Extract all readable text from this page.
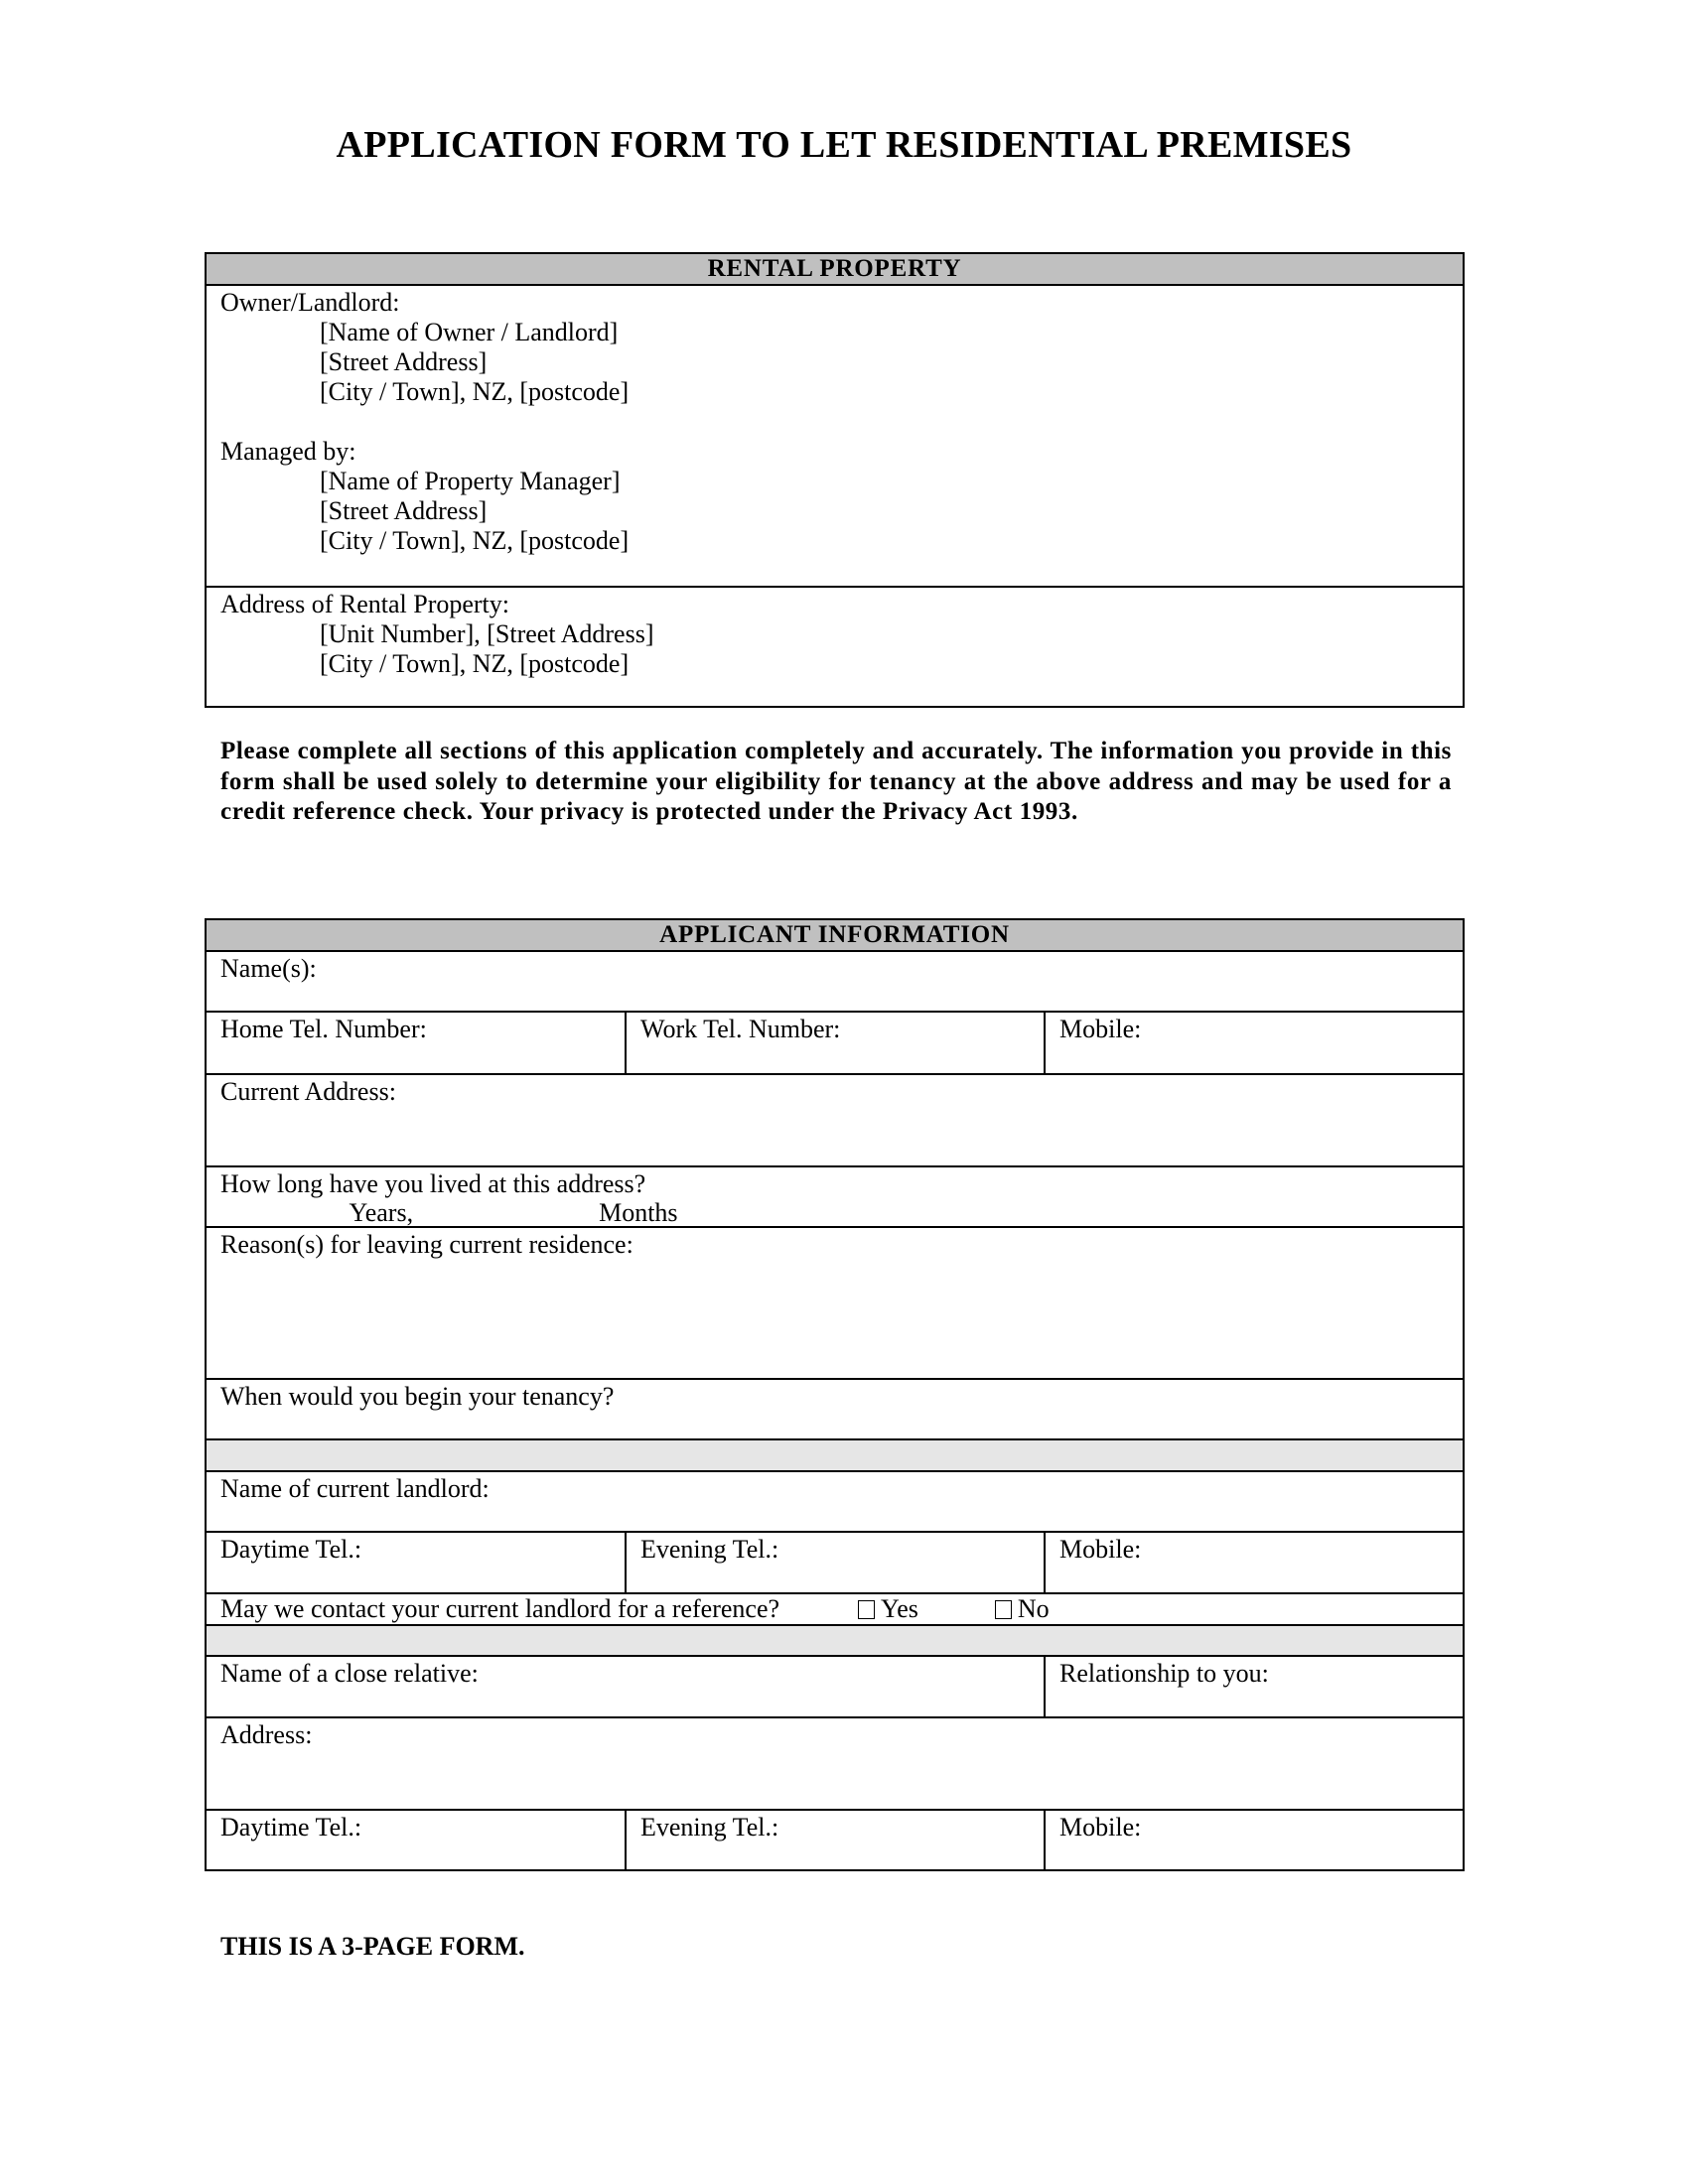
APPLICATION FORM TO LET RESIDENTIAL PREMISES
RENTAL PROPERTY
Owner/Landlord:
[Name of Owner / Landlord]
[Street Address]
[City / Town], NZ, [postcode]
Managed by:
[Name of Property Manager]
[Street Address]
[City / Town], NZ, [postcode]
Address of Rental Property:
[Unit Number], [Street Address]
[City / Town], NZ, [postcode]
Please complete all sections of this application completely and accurately. The information you provide in this form shall be used solely to determine your eligibility for tenancy at the above address and may be used for a credit reference check. Your privacy is protected under the Privacy Act 1993.
APPLICANT INFORMATION
Name(s):
Home Tel. Number:	Work Tel. Number:	Mobile:
Current Address:
How long have you lived at this address?
Years,	Months
Reason(s) for leaving current residence:
When would you begin your tenancy?
Name of current landlord:
Daytime Tel.:	Evening Tel.:	Mobile:
May we contact your current landlord for a reference?	Yes	No
Name of a close relative:	Relationship to you:
Address:
Daytime Tel.:	Evening Tel.:	Mobile:
THIS IS A 3-PAGE FORM.
